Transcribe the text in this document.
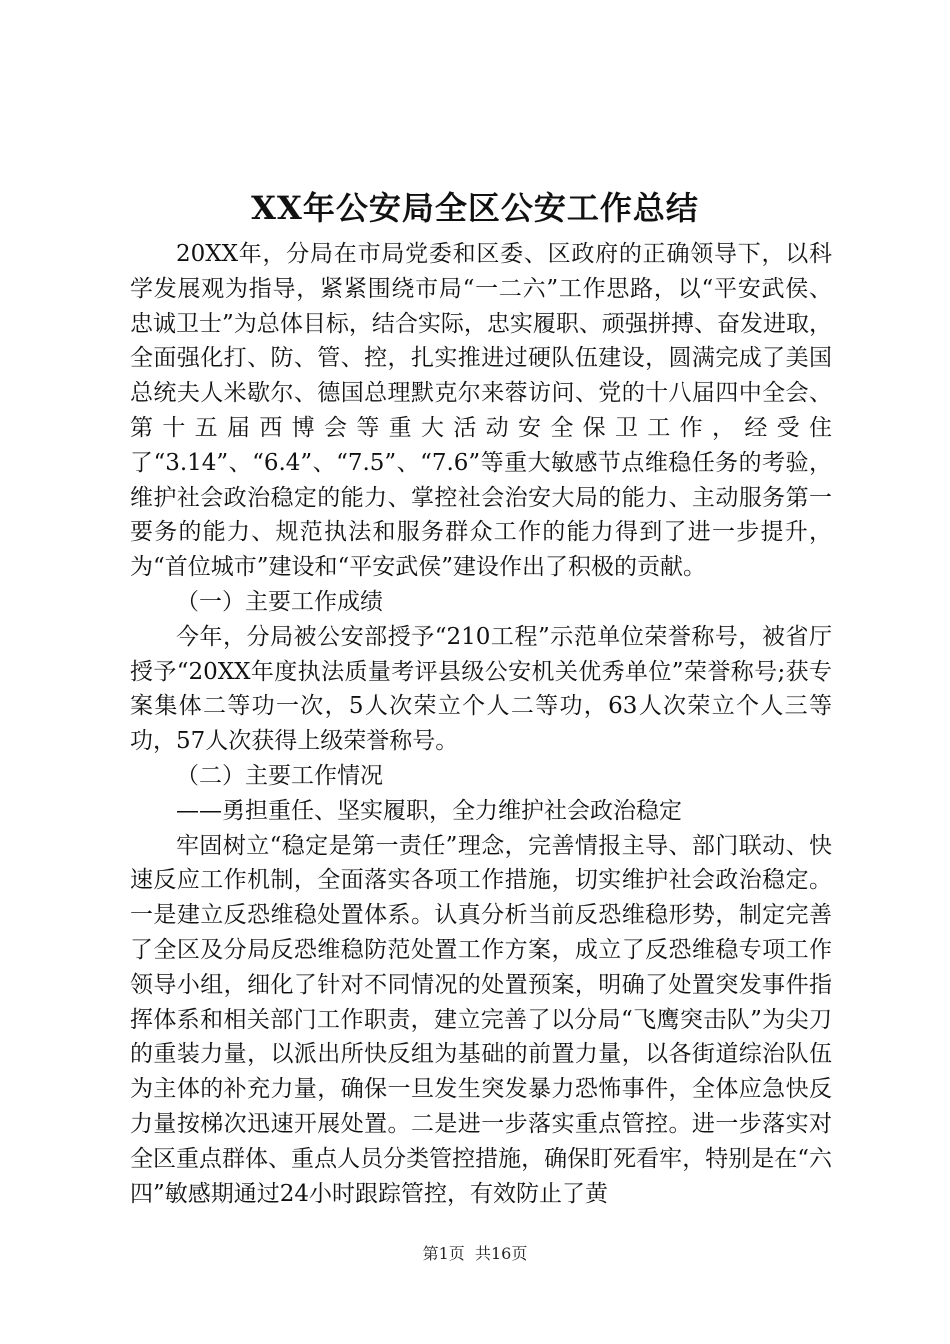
XX年公安局全区公安工作总结

20XX年，分局在市局党委和区委、区政府的正确领导下，以科学发展观为指导，紧紧围绕市局“一二六”工作思路，以“平安武侯、忠诚卫士”为总体目标，结合实际，忠实履职、顽强拼搏、奋发进取，全面强化打、防、管、控，扎实推进过硬队伍建设，圆满完成了美国总统夫人米歇尔、德国总理默克尔来蓉访问、党的十八届四中全会、第十五届西博会等重大活动安全保卫工作，经受住了“3.14”、“6.4”、“7.5”、“7.6”等重大敏感节点维稳任务的考验，维护社会政治稳定的能力、掌控社会治安大局的能力、主动服务第一要务的能力、规范执法和服务群众工作的能力得到了进一步提升，为“首位城市”建设和“平安武侯”建设作出了积极的贡献。

（一）主要工作成绩

今年，分局被公安部授予“210工程”示范单位荣誉称号，被省厅授予“20XX年度执法质量考评县级公安机关优秀单位”荣誉称号;获专案集体二等功一次，5人次荣立个人二等功，63人次荣立个人三等功，57人次获得上级荣誉称号。

（二）主要工作情况

——勇担重任、坚实履职，全力维护社会政治稳定

牢固树立“稳定是第一责任”理念，完善情报主导、部门联动、快速反应工作机制，全面落实各项工作措施，切实维护社会政治稳定。一是建立反恐维稳处置体系。认真分析当前反恐维稳形势，制定完善了全区及分局反恐维稳防范处置工作方案，成立了反恐维稳专项工作领导小组，细化了针对不同情况的处置预案，明确了处置突发事件指挥体系和相关部门工作职责，建立完善了以分局“飞鹰突击队”为尖刀的重装力量，以派出所快反组为基础的前置力量，以各街道综治队伍为主体的补充力量，确保一旦发生突发暴力恐怖事件，全体应急快反力量按梯次迅速开展处置。二是进一步落实重点管控。进一步落实对全区重点群体、重点人员分类管控措施，确保盯死看牢，特别是在“六四”敏感期通过24小时跟踪管控，有效防止了黄

第1页 共16页
